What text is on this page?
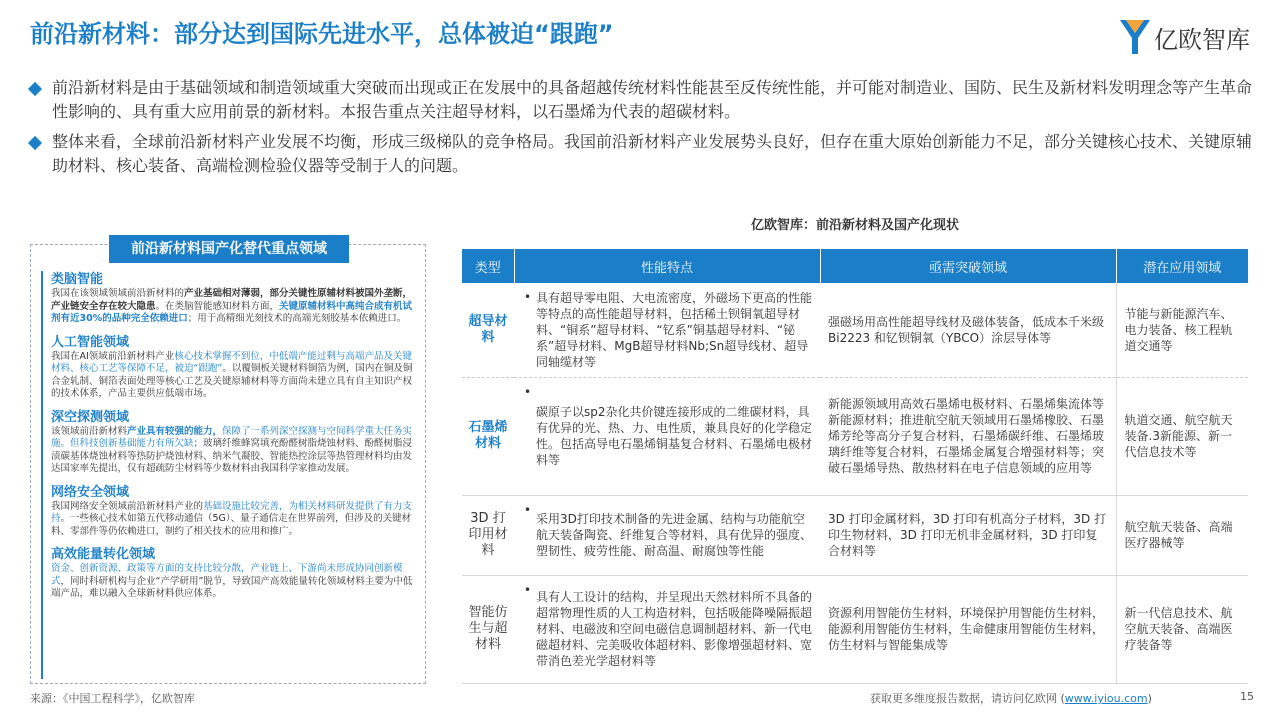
前沿新材料：部分达到国际先进水平，总体被迫“跟跑”	亿欧智库
前沿新材料是由于基础领域和制造领域重大突破而出现或正在发展中的具备超越传统材料性能甚至反传统性能，并可能对制造业、国防、民生及新材料发明理念等产生革命性影响的、具有重大应用前景的新材料。本报告重点关注超导材料，以石墨烯为代表的超碳材料。
整体来看，全球前沿新材料产业发展不均衡，形成三级梯队的竞争格局。我国前沿新材料产业发展势头良好，但存在重大原始创新能力不足，部分关键核心技术、关键原辅助材料、核心装备、高端检测检验仪器等受制于人的问题。
前沿新材料国产化替代重点领域
类脑智能
我国在该领域领域前沿新材料的产业基础相对薄弱，部分关键性原辅材料被国外垄断，产业链安全存在较大隐患。在类脑智能感知材料方面，关键原辅材料中高纯合成有机试剂有近30%的品种完全依赖进口；用于高精细光刻技术的高端光刻胶基本依赖进口。
人工智能领域
我国在AI领域前沿新材料产业核心技术掌握不到位，中低端产能过剩与高端产品及关键材料、核心工艺等保障不足，被迫“跟跑”。以覆铜板关键材料铜箔为例，国内在铜及铜合金轧制、铜箔表面处理等核心工艺及关键原辅材料等方面尚未建立具有自主知识产权的技术体系，产品主要供应低端市场。
深空探测领域
该领域前沿新材料产业具有较强的能力，保障了一系列深空探测与空间科学重大任务实施。但科技创新基础能力有所欠缺；玻璃纤维蜂窝填充酚醛树脂烧蚀材料、酚醛树脂浸渍碳基体烧蚀材料等热防护烧蚀材料、纳米气凝胶、智能热控涂层等热管理材料均由发达国家率先提出，仅有超疏防尘材料等少数材料由我国科学家推动发展。
网络安全领域
我国网络安全领域前沿新材料产业的基础设施比较完善，为相关材料研发提供了有力支持。一些核心技术如第五代移动通信（5G）、量子通信走在世界前列，但涉及的关键材料、零部件等仍依赖进口，制约了相关技术的应用和推广。
高效能量转化领域
资金、创新资源、政策等方面的支持比较分散，产业链上、下游尚未形成协同创新模式，同时科研机构与企业“产学研用”脱节，导致国产高效能量转化领域材料主要为中低端产品，难以融入全球新材料供应体系。
亿欧智库：前沿新材料及国产化现状
类型	性能特点	亟需突破领域	潜在应用领域
超导材料	• 具有超导零电阻、大电流密度，外磁场下更高的性能等特点的高性能超导材料，包括稀土钡铜氧超导材料、“铜系”超导材料、“钇系”铜基超导材料、“铋系”超导材料、MgB超导材料Nb;Sn超导线材、超导同轴缆材等	强磁场用高性能超导线材及磁体装备，低成本千米级 Bi2223 和钇钡铜氧（YBCO）涂层导体等	节能与新能源汽车、电力装备、核工程轨道交通等
石墨烯材料	• 碳原子以sp2杂化共价键连接形成的二维碳材料，具有优异的光、热、力、电性质，兼具良好的化学稳定性。包括高导电石墨烯铜基复合材料、石墨烯电极材料等	新能源领域用高效石墨烯电极材料、石墨烯集流体等新能源材料；推进航空航天领域用石墨烯橡胶、石墨烯芳纶等高分子复合材料，石墨烯碳纤维、石墨烯玻璃纤维等复合材料，石墨烯金属复合增强材料等；突破石墨烯导热、散热材料在电子信息领域的应用等	轨道交通、航空航天装备.3新能源、新一代信息技术等
3D 打印用材料	• 采用3D打印技术制备的先进金属、结构与功能航空航天装备陶瓷、纤维复合等材料，具有优异的强度、塑韧性、疲劳性能、耐高温、耐腐蚀等性能	3D 打印金属材料，3D 打印有机高分子材料，3D 打印生物材料，3D 打印无机非金属材料，3D 打印复合材料等	航空航天装备、高端医疗器械等
智能仿生与超材料	• 具有人工设计的结构，并呈现出天然材料所不具备的超常物理性质的人工构造材料，包括吸能降噪隔振超材料、电磁波和空间电磁信息调制超材料、新一代电磁超材料、完美吸收体超材料、影像增强超材料、宽带消色差光学超材料等	资源利用智能仿生材料，环境保护用智能仿生材料，能源利用智能仿生材料，生命健康用智能仿生材料，仿生材料与智能集成等	新一代信息技术、航空航天装备、高端医疗装备等
来源：《中国工程科学》，亿欧智库	获取更多维度报告数据，请访问亿欧网 (www.iyiou.com)	15
